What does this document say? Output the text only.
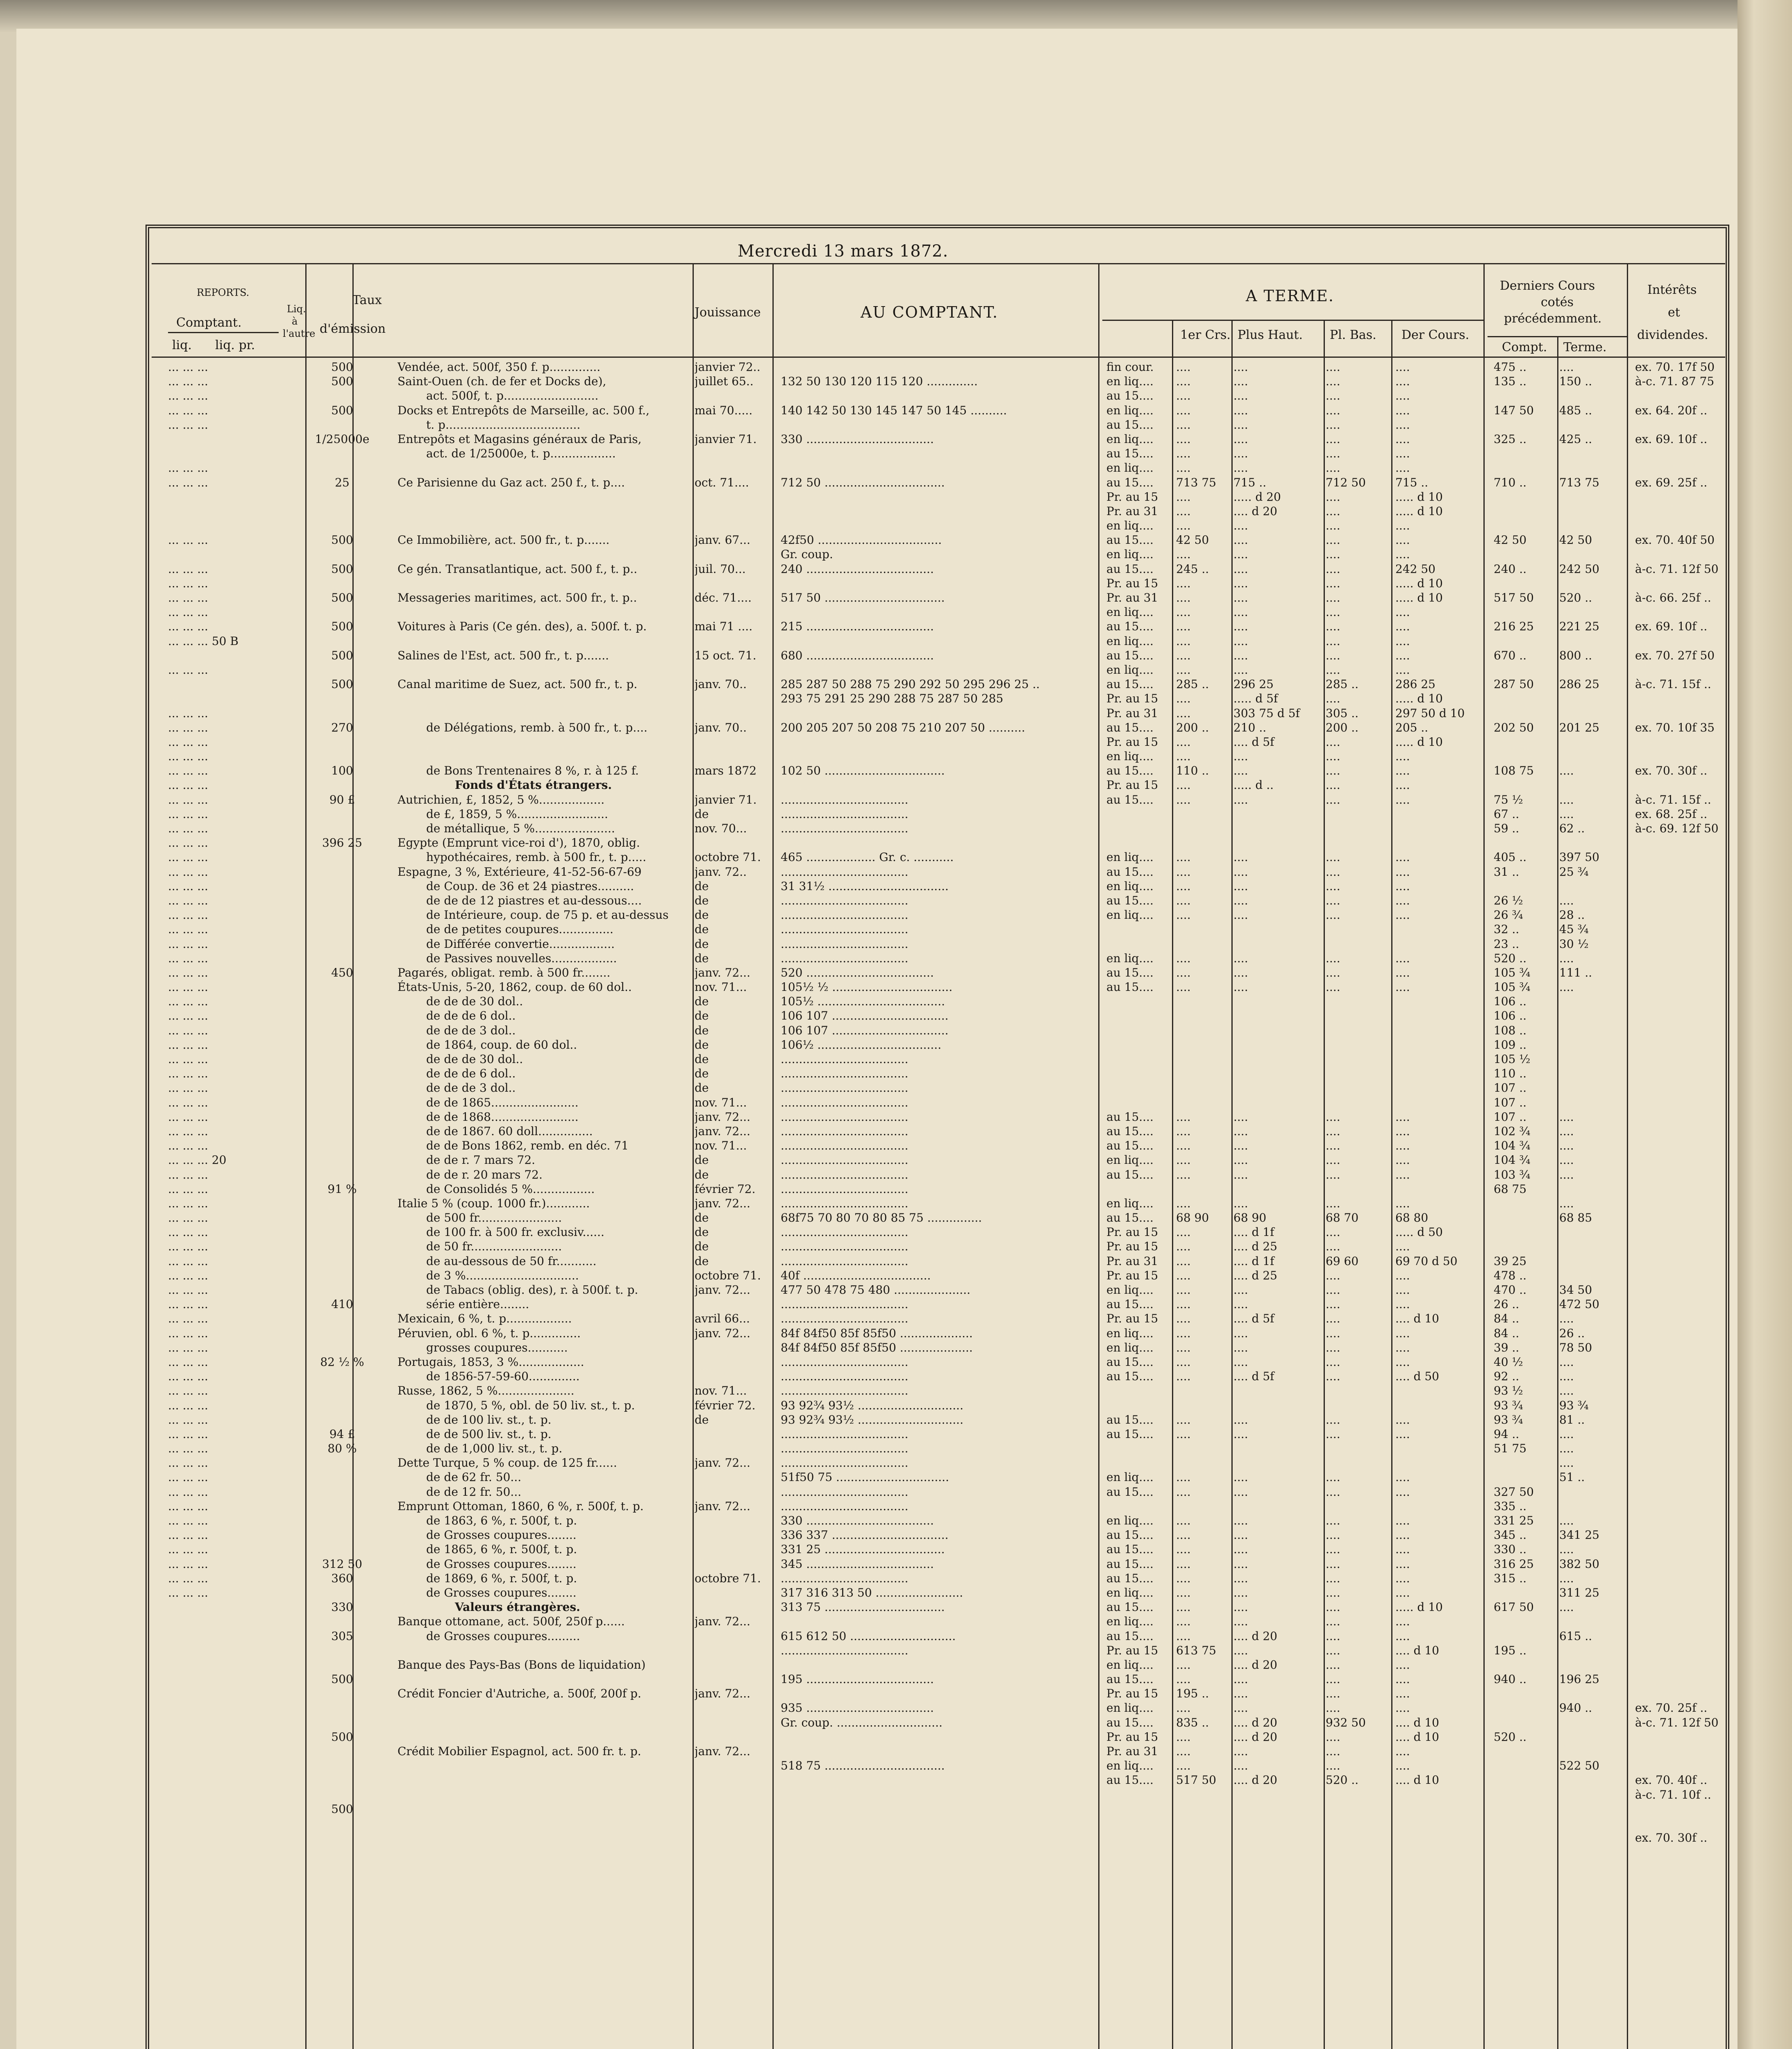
Mercredi 13 mars 1872.
REPORTS.
Comptant.
Liq.
à
l'autre
liq. liq. pr.
Taux
d'émission
Jouissance	AU COMPTANT.
A TERME.
1er Crs. Plus Haut. Pl. Bas. Der Cours.
Derniers Cours
cotés
précédemment.
Compt. Terme.
Intérêts
et
dividendes.
... ... ...
... ... ...
... ... ...
... ... ...
... ... ...
... ... ...
... ... ...
... ... ...
... ... ...
... ... ...
... ... ...
... ... ...
... ... ...
... ... ... 50 B
... ... ...
... ... ...
... ... ...
... ... ...
... ... ...
... ... ...
... ... ...
... ... ...
... ... ...
... ... ...
... ... ...
... ... ...
... ... ...
... ... ...
... ... ...
... ... ...
... ... ...
... ... ...
... ... ...
... ... ...
... ... ...
... ... ...
... ... ...
... ... ...
... ... ...
... ... ...
... ... ...
... ... ...
... ... ...
... ... ...
... ... ...
... ... ...
... ... ... 20
... ... ...
... ... ...
... ... ...
... ... ...
... ... ...
... ... ...
... ... ...
... ... ...
... ... ...
... ... ...
... ... ...
... ... ...
... ... ...
... ... ...
... ... ...
... ... ...
... ... ...
... ... ...
... ... ...
... ... ...
... ... ...
... ... ...
... ... ...
... ... ...
... ... ...
... ... ...
... ... ...
... ... ...
... ... ...
... ... ...
500
500
500
1/25000e
25
500
500
500
500
500
500
270
100
90 £
396 25
450
91 %
410
82 ½ %
94 £
80 %
312 50
360
330
305
500
500
500
Vendée, act. 500f, 350 f. p..............
Saint-Ouen (ch. de fer et Docks de),
act. 500f, t. p..........................
Docks et Entrepôts de Marseille, ac. 500 f.,
t. p.....................................
Entrepôts et Magasins généraux de Paris,
act. de 1/25000e, t. p..................
Ce Parisienne du Gaz act. 250 f., t. p....
Ce Immobilière, act. 500 fr., t. p.......
Ce gén. Transatlantique, act. 500 f., t. p..
Messageries maritimes, act. 500 fr., t. p..
Voitures à Paris (Ce gén. des), a. 500f. t. p.
Salines de l'Est, act. 500 fr., t. p.......
Canal maritime de Suez, act. 500 fr., t. p.
de Délégations, remb. à 500 fr., t. p....
de Bons Trentenaires 8 %, r. à 125 f.
Fonds d'États étrangers.
Autrichien, £, 1852, 5 %..................
de £, 1859, 5 %.........................
de métallique, 5 %......................
Egypte (Emprunt vice-roi d'), 1870, oblig.
hypothécaires, remb. à 500 fr., t. p.....
Espagne, 3 %, Extérieure, 41-52-56-67-69
de Coup. de 36 et 24 piastres..........
de de de 12 piastres et au-dessous....
de Intérieure, coup. de 75 p. et au-dessus
de de petites coupures...............
de Différée convertie..................
de Passives nouvelles..................
Pagarés, obligat. remb. à 500 fr........
États-Unis, 5-20, 1862, coup. de 60 dol..
de de de 30 dol..
de de de 6 dol..
de de de 3 dol..
de 1864, coup. de 60 dol..
de de de 30 dol..
de de de 6 dol..
de de de 3 dol..
de de 1865........................
de de 1868........................
de de 1867. 60 doll...............
de de Bons 1862, remb. en déc. 71
de de r. 7 mars 72.
de de r. 20 mars 72.
de Consolidés 5 %.................
Italie 5 % (coup. 1000 fr.)............
de 500 fr.......................
de 100 fr. à 500 fr. exclusiv......
de 50 fr.........................
de au-dessous de 50 fr...........
de 3 %...............................
de Tabacs (oblig. des), r. à 500f. t. p.
série entière........
Mexicain, 6 %, t. p..................
Péruvien, obl. 6 %, t. p..............
grosses coupures...........
Portugais, 1853, 3 %..................
de 1856-57-59-60..............
Russe, 1862, 5 %.....................
de 1870, 5 %, obl. de 50 liv. st., t. p.
de de 100 liv. st., t. p.
de de 500 liv. st., t. p.
de de 1,000 liv. st., t. p.
Dette Turque, 5 % coup. de 125 fr......
de de 62 fr. 50...
de de 12 fr. 50...
Emprunt Ottoman, 1860, 6 %, r. 500f, t. p.
de 1863, 6 %, r. 500f, t. p.
de Grosses coupures........
de 1865, 6 %, r. 500f, t. p.
de Grosses coupures........
de 1869, 6 %, r. 500f, t. p.
de Grosses coupures........
Valeurs étrangères.
Banque ottomane, act. 500f, 250f p......
de Grosses coupures.........
Banque des Pays-Bas (Bons de liquidation)
Crédit Foncier d'Autriche, a. 500f, 200f p.
Crédit Mobilier Espagnol, act. 500 fr. t. p.
janvier 72..
juillet 65..
mai 70.....
janvier 71.
oct. 71....
janv. 67...
juil. 70...
déc. 71....
mai 71 ....
15 oct. 71.
janv. 70..
janv. 70..
mars 1872
janvier 71.
de
nov. 70...
octobre 71.
janv. 72..
de
de
de
de
de
de
janv. 72...
nov. 71...
de
de
de
de
de
de
de
nov. 71...
janv. 72...
janv. 72...
nov. 71...
de
de
février 72.
janv. 72...
de
de
de
de
octobre 71.
janv. 72...
avril 66...
janv. 72...
nov. 71...
février 72.
de
janv. 72...
janv. 72...
octobre 71.
janv. 72...
janv. 72...
janv. 72...
132 50 130 120 115 120 ..............
140 142 50 130 145 147 50 145 ..........
330 ...................................
712 50 .................................
42f50 ..................................
Gr. coup.
240 ...................................
517 50 .................................
215 ...................................
680 ...................................
285 287 50 288 75 290 292 50 295 296 25 ..
293 75 291 25 290 288 75 287 50 285
200 205 207 50 208 75 210 207 50 ..........
102 50 .................................
...................................
...................................
...................................
465 ................... Gr. c. ...........
...................................
31 31½ .................................
...................................
...................................
...................................
...................................
...................................
520 ...................................
105½ ½ .................................
105½ ...................................
106 107 ................................
106 107 ................................
106½ ..................................
...................................
...................................
...................................
...................................
...................................
...................................
...................................
...................................
...................................
...................................
...................................
68f75 70 80 70 80 85 75 ...............
...................................
...................................
...................................
40f ...................................
477 50 478 75 480 .....................
...................................
...................................
84f 84f50 85f 85f50 ....................
84f 84f50 85f 85f50 ....................
...................................
...................................
...................................
93 92¾ 93½ .............................
93 92¾ 93½ .............................
...................................
...................................
...................................
51f50 75 ...............................
...................................
...................................
330 ...................................
336 337 ................................
331 25 .................................
345 ...................................
...................................
317 316 313 50 ........................
313 75 .................................
615 612 50 .............................
...................................
195 ...................................
935 ...................................
Gr. coup. .............................
518 75 .................................
fin cour.
en liq....
au 15....
en liq....
au 15....
en liq....
au 15....
en liq....
au 15....
Pr. au 15
Pr. au 31
en liq....
au 15....
en liq....
au 15....
Pr. au 15
Pr. au 31
en liq....
au 15....
en liq....
au 15....
en liq....
au 15....
Pr. au 15
Pr. au 31
au 15....
Pr. au 15
en liq....
au 15....
Pr. au 15
au 15....
en liq....
au 15....
en liq....
au 15....
en liq....
en liq....
au 15....
au 15....
au 15....
au 15....
au 15....
en liq....
au 15....
en liq....
au 15....
Pr. au 15
Pr. au 15
Pr. au 31
Pr. au 15
en liq....
au 15....
Pr. au 15
en liq....
en liq....
au 15....
au 15....
au 15....
au 15....
en liq....
au 15....
en liq....
au 15....
au 15....
au 15....
au 15....
en liq....
au 15....
en liq....
au 15....
Pr. au 15
en liq....
au 15....
Pr. au 15
en liq....
au 15....
Pr. au 15
Pr. au 31
en liq....
au 15....
....
....
....
....
....
....
....
....
713 75
....
....
....
42 50
....
245 ..
....
....
....
....
....
....
....
285 ..
....
....
200 ..
....
....
110 ..
....
....
....
....
....
....
....
....
....
....
....
....
....
....
....
....
68 90
....
....
....
....
....
....
....
....
....
....
....
....
....
....
....
....
....
....
....
....
....
....
....
....
613 75
....
....
195 ..
....
835 ..
....
....
....
517 50
....
....
....
....
....
....
....
....
715 ..
..... d 20
.... d 20
....
....
....
....
....
....
....
....
....
....
....
296 25
..... d 5f
303 75 d 5f
210 ..
.... d 5f
....
....
..... d ..
....
....
....
....
....
....
....
....
....
....
....
....
....
....
....
68 90
.... d 1f
.... d 25
.... d 1f
.... d 25
....
....
.... d 5f
....
....
....
.... d 5f
....
....
....
....
....
....
....
....
....
....
....
....
.... d 20
....
.... d 20
....
....
....
.... d 20
.... d 20
....
....
.... d 20
....
....
....
....
....
....
....
....
712 50
....
....
....
....
....
....
....
....
....
....
....
....
....
285 ..
....
305 ..
200 ..
....
....
....
....
....
....
....
....
....
....
....
....
....
....
....
....
....
....
....
68 70
....
....
69 60
....
....
....
....
....
....
....
....
....
....
....
....
....
....
....
....
....
....
....
....
....
....
....
....
....
....
932 50
....
....
....
520 ..
....
....
....
....
....
....
....
....
715 ..
..... d 10
..... d 10
....
....
....
242 50
..... d 10
..... d 10
....
....
....
....
....
286 25
..... d 10
297 50 d 10
205 ..
..... d 10
....
....
....
....
....
....
....
....
....
....
....
....
....
....
....
....
....
....
68 80
..... d 50
....
69 70 d 50
....
....
....
.... d 10
....
....
....
.... d 50
....
....
....
....
....
....
....
....
....
....
..... d 10
....
....
.... d 10
....
....
....
....
.... d 10
.... d 10
....
....
.... d 10
475 ..
135 ..
147 50
325 ..
710 ..
42 50
240 ..
517 50
216 25
670 ..
287 50
202 50
108 75
75 ½
67 ..
59 ..
405 ..
31 ..
26 ½
26 ¾
32 ..
23 ..
520 ..
105 ¾
105 ¾
106 ..
106 ..
108 ..
109 ..
105 ½
110 ..
107 ..
107 ..
107 ..
102 ¾
104 ¾
104 ¾
103 ¾
68 75
39 25
478 ..
470 ..
26 ..
84 ..
84 ..
39 ..
40 ½
92 ..
93 ½
93 ¾
93 ¾
94 ..
51 75
327 50
335 ..
331 25
345 ..
330 ..
316 25
315 ..
617 50
195 ..
940 ..
520 ..
....
150 ..
485 ..
425 ..
713 75
42 50
242 50
520 ..
221 25
800 ..
286 25
201 25
....
....
....
62 ..
397 50
25 ¾
....
28 ..
45 ¾
30 ½
....
111 ..
....
....
....
....
....
....
....
68 85
34 50
472 50
....
26 ..
78 50
....
....
....
93 ¾
81 ..
....
....
....
51 ..
....
341 25
....
382 50
....
311 25
....
615 ..
196 25
940 ..
522 50
ex. 70. 17f 50
à-c. 71. 87 75
ex. 64. 20f ..
ex. 69. 10f ..
ex. 69. 25f ..
ex. 70. 40f 50
à-c. 71. 12f 50
à-c. 66. 25f ..
ex. 69. 10f ..
ex. 70. 27f 50
à-c. 71. 15f ..
ex. 70. 10f 35
ex. 70. 30f ..
à-c. 71. 15f ..
ex. 68. 25f ..
à-c. 69. 12f 50
ex. 70. 25f ..
à-c. 71. 12f 50
ex. 70. 40f ..
à-c. 71. 10f ..
ex. 70. 30f ..
